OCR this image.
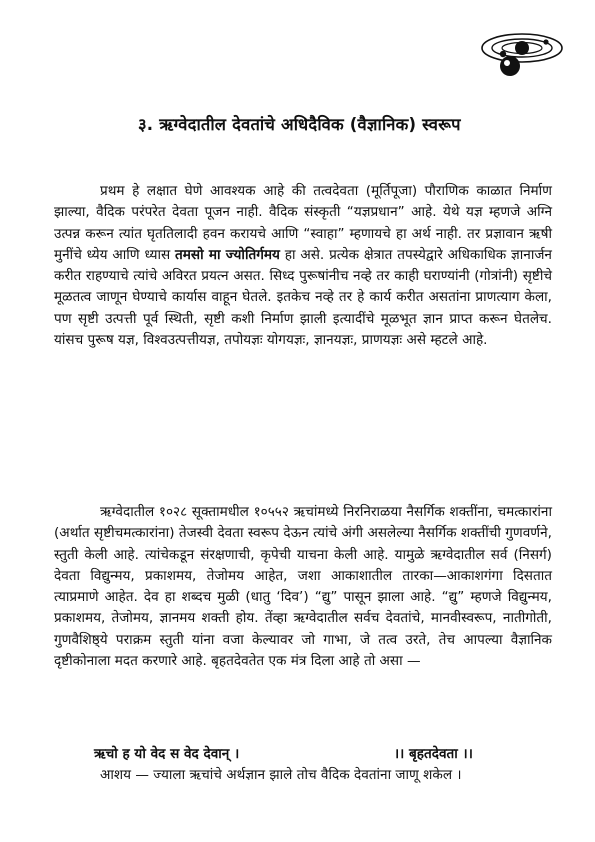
३. ऋग्वेदातील देवतांचे अधिदैविक (वैज्ञानिक) स्वरूप
प्रथम हे लक्षात घेणे आवश्यक आहे की तत्वदेवता (मूर्तिपूजा) पौराणिक काळात निर्माण झाल्या, वैदिक परंपरेत देवता पूजन नाही. वैदिक संस्कृती “यज्ञप्रधान” आहे. येथे यज्ञ म्हणजे अग्नि उत्पन्न करून त्यांत घृततिलादी हवन करायचे आणि “स्वाहा” म्हणायचे हा अर्थ नाही. तर प्रज्ञावान ऋषी मुनींचे ध्येय आणि ध्यास तमसो मा ज्योतिर्गमय हा असे. प्रत्येक क्षेत्रात तपस्येद्वारे अधिकाधिक ज्ञानार्जन करीत राहण्याचे त्यांचे अविरत प्रयत्न असत. सिध्द पुरूषांनीच नव्हे तर काही घराण्यांनी (गोत्रांनी) सृष्टीचे मूळतत्व जाणून घेण्याचे कार्यास वाहून घेतले. इतकेच नव्हे तर हे कार्य करीत असतांना प्राणत्याग केला, पण सृष्टी उत्पत्ती पूर्व स्थिती, सृष्टी कशी निर्माण झाली इत्यादींचे मूळभूत ज्ञान प्राप्त करून घेतलेच. यांसच पुरूष यज्ञ, विश्वउत्पत्तीयज्ञ, तपोयज्ञः योगयज्ञः, ज्ञानयज्ञः, प्राणयज्ञः असे म्हटले आहे.
ऋग्वेदातील १०२८ सूक्तामधील १०५५२ ऋचांमध्ये निरनिराळया नैसर्गिक शक्तींना, चमत्कारांना (अर्थात सृष्टीचमत्कारांना) तेजस्वी देवता स्वरूप देऊन त्यांचे अंगी असलेल्या नैसर्गिक शक्तींची गुणवर्णने, स्तुती केली आहे. त्यांचेकडून संरक्षणाची, कृपेची याचना केली आहे. यामुळे ऋग्वेदातील सर्व (निसर्ग) देवता विद्युन्मय, प्रकाशमय, तेजोमय आहेत, जशा आकाशातील तारका—आकाशगंगा दिसतात त्याप्रमाणे आहेत. देव हा शब्दच मुळी (धातु ‘दिव’) “द्यु” पासून झाला आहे. “द्यु” म्हणजे विद्युन्मय, प्रकाशमय, तेजोमय, ज्ञानमय शक्ती होय. तेंव्हा ऋग्वेदातील सर्वच देवतांचे, मानवीस्वरूप, नातीगोती, गुणवैशिष्ठ्ये पराक्रम स्तुती यांना वजा केल्यावर जो गाभा, जे तत्व उरते, तेच आपल्या वैज्ञानिक दृष्टीकोनाला मदत करणारे आहे. बृहतदेवतेत एक मंत्र दिला आहे तो असा —
ऋचो ह यो वेद स वेद देवान् ।	।। बृहतदेवता ।।
आशय — ज्याला ऋचांचे अर्थज्ञान झाले तोच वैदिक देवतांना जाणू शकेल ।
